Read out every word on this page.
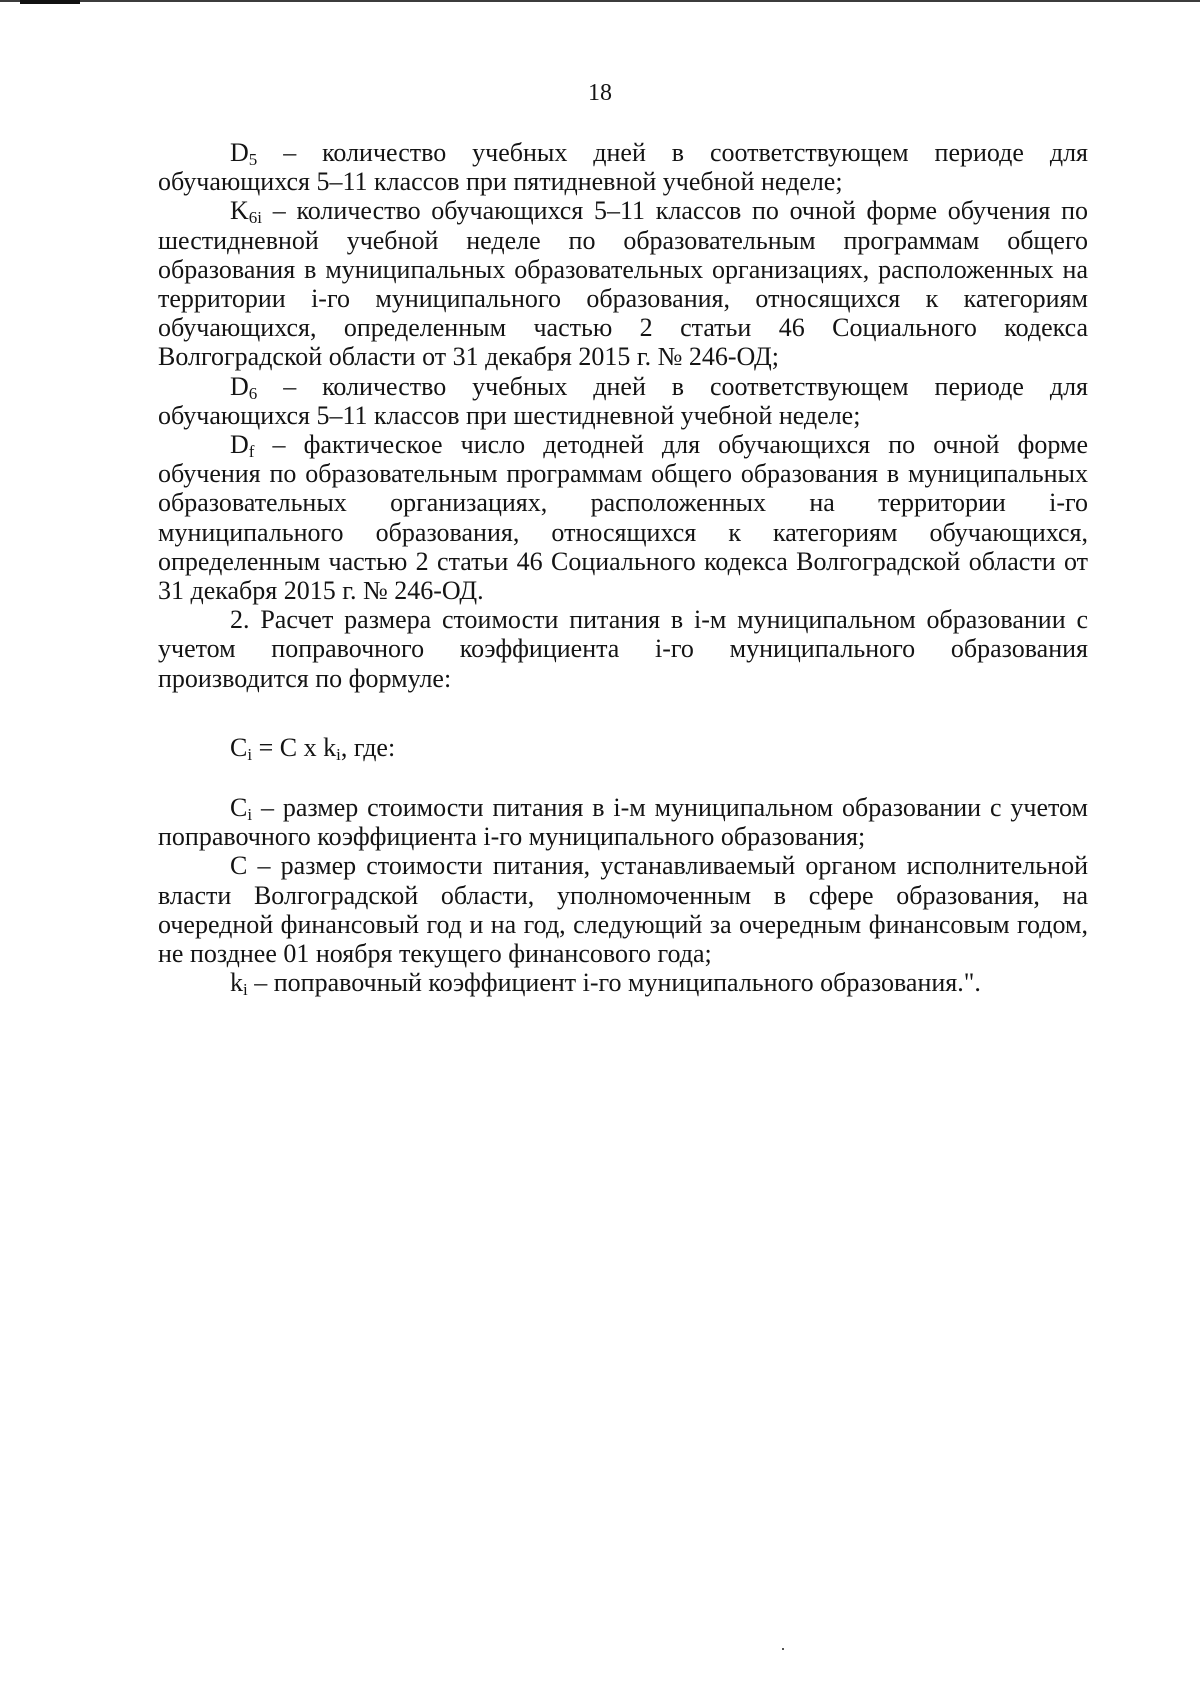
18

$D_5$ – количество учебных дней в соответствующем периоде для обучающихся 5–11 классов при пятидневной учебной неделе;

$K_{6i}$ – количество обучающихся 5–11 классов по очной форме обучения по шестидневной учебной неделе по образовательным программам общего образования в муниципальных образовательных организациях, расположенных на территории i-го муниципального образования, относящихся к категориям обучающихся, определенным частью 2 статьи 46 Социального кодекса Волгоградской области от 31 декабря 2015 г. № 246-ОД;

$D_6$ – количество учебных дней в соответствующем периоде для обучающихся 5–11 классов при шестидневной учебной неделе;

$D_f$ – фактическое число детодней для обучающихся по очной форме обучения по образовательным программам общего образования в муниципальных образовательных организациях, расположенных на территории i-го муниципального образования, относящихся к категориям обучающихся, определенным частью 2 статьи 46 Социального кодекса Волгоградской области от 31 декабря 2015 г. № 246-ОД.

2. Расчет размера стоимости питания в i-м муниципальном образовании с учетом поправочного коэффициента i-го муниципального образования производится по формуле:

$C_i = C$ x $k_i$, где:

$C_i$ – размер стоимости питания в i-м муниципальном образовании с учетом поправочного коэффициента i-го муниципального образования;

С – размер стоимости питания, устанавливаемый органом исполнительной власти Волгоградской области, уполномоченным в сфере образования, на очередной финансовый год и на год, следующий за очередным финансовым годом, не позднее 01 ноября текущего финансового года;

$k_i$ – поправочный коэффициент i-го муниципального образования.".
